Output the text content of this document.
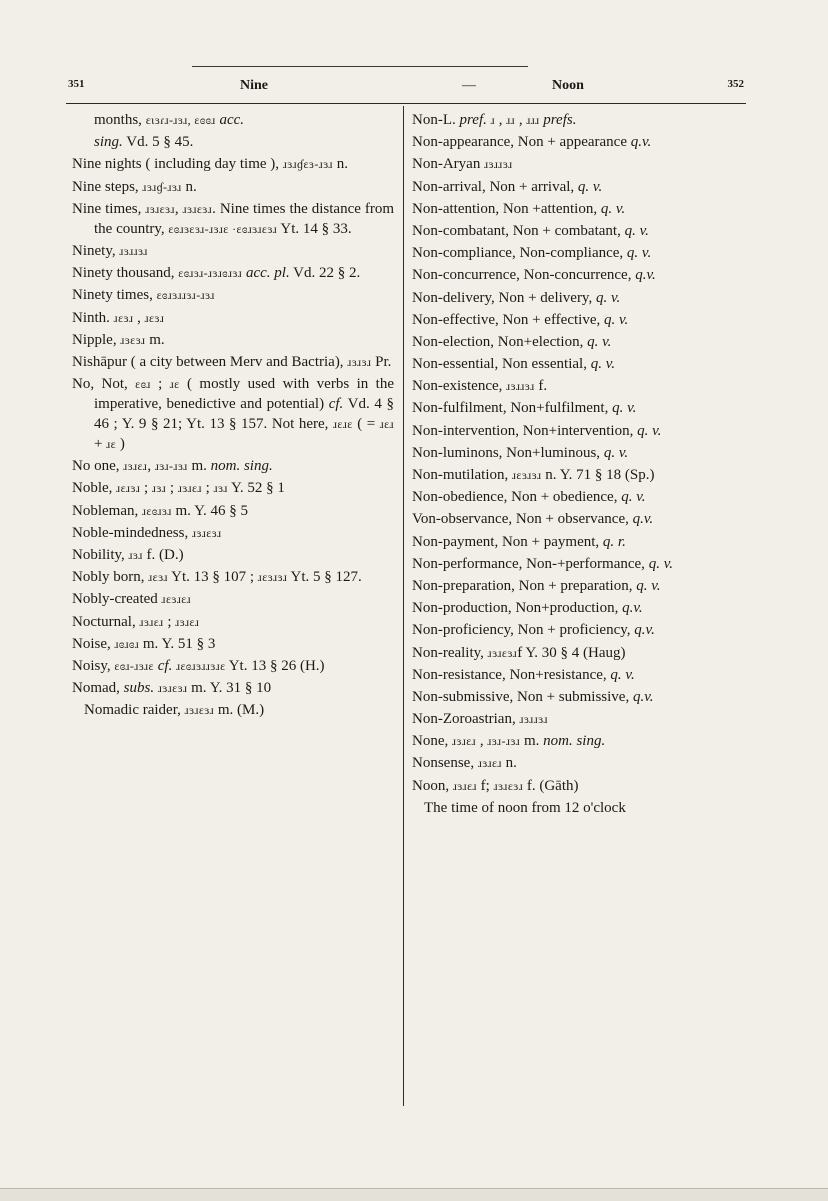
351	Nine	—	Noon	352

months, ɛɩɜɾɹ-ɹɜɹ, ɛɞɞɹ acc.

sing. Vd. 5 § 45.

Nine nights ( including day time ), ɹɜɹɠɛɜ-ɹɜɹ n.

Nine steps, ɹɜɹɠ-ɹɜɹ n.

Nine times, ɹɜɹɛɜɹ, ɹɜɹɛɜɹ. Nine times the distance from the country, ɛɞɹɜɛɜɹ-ɹɜɹɛ ·ɛɞɹɜɹɛɜɹ Yt. 14 § 33.

Ninety, ɹɜɹɹɜɹ

Ninety thousand, ɛɞɹɜɹ-ɹɜɹɞɹɜɹ acc. pl. Vd. 22 § 2.

Ninety times, ɛɞɹɜɹɹɜɹ-ɹɜɹ

Ninth. ɹɛɜɹ , ɹɛɜɹ

Nipple, ɹɜɛɜɹ m.

Nishāpur ( a city between Merv and Bactria), ɹɜɹɜɹ Pr.

No, Not, ɛɞɹ ; ɹɛ ( mostly used with verbs in the imperative, benedictive and potential) cf. Vd. 4 § 46 ; Y. 9 § 21; Yt. 13 § 157. Not here, ɹɛɹɛ ( = ɹɛɹ + ɹɛ )

No one, ɹɜɹɛɹ, ɹɜɹ-ɹɜɹ m. nom. sing.

Noble, ɹɛɹɜɹ ; ɹɜɹ ; ɹɜɹɛɹ ; ɹɜɹ Y. 52 § 1

Nobleman, ɹɛɞɹɜɹ m. Y. 46 § 5

Noble-mindedness, ɹɜɹɛɜɹ

Nobility, ɹɜɹ f. (D.)

Nobly born, ɹɛɜɹ Yt. 13 § 107 ; ɹɛɜɹɜɹ Yt. 5 § 127.

Nobly-created ɹɛɜɹɛɹ

Nocturnal, ɹɜɹɛɹ ; ɹɜɹɛɹ

Noise, ɹɞɹɞɹ m. Y. 51 § 3

Noisy, ɛɞɹ-ɹɜɹɛ cf. ɹɛɞɹɜɹɹɜɹɛ Yt. 13 § 26 (H.)

Nomad, subs. ɹɜɹɛɜɹ m. Y. 31 § 10

Nomadic raider, ɹɜɹɛɜɹ m. (M.)

Non-L. pref. ɹ , ɹɹ , ɹɹɹ prefs.

Non-appearance, Non + appearance q.v.

Non-Aryan ɹɜɹɹɜɹ

Non-arrival, Non + arrival, q. v.

Non-attention, Non +attention, q. v.

Non-combatant, Non + combatant, q. v.

Non-compliance, Non-compliance, q. v.

Non-concurrence, Non-concurrence, q.v.

Non-delivery, Non + delivery, q. v.

Non-effective, Non + effective, q. v.

Non-election, Non+election, q. v.

Non-essential, Non essential, q. v.

Non-existence, ɹɜɹɹɜɹ f.

Non-fulfilment, Non+fulfilment, q. v.

Non-intervention, Non+intervention, q. v.

Non-luminons, Non+luminous, q. v.

Non-mutilation, ɹɛɜɹɜɹ n. Y. 71 § 18 (Sp.)

Non-obedience, Non + obedience, q. v.

Von-observance, Non + observance, q.v.

Non-payment, Non + payment, q. r.

Non-performance, Non-+performance, q. v.

Non-preparation, Non + preparation, q. v.

Non-production, Non+production, q.v.

Non-proficiency, Non + proficiency, q.v.

Non-reality, ɹɜɹɛɜɹf Y. 30 § 4 (Haug)

Non-resistance, Non+resistance, q. v.

Non-submissive, Non + submissive, q.v.

Non-Zoroastrian, ɹɜɹɹɜɹ

None, ɹɜɹɛɹ , ɹɜɹ-ɹɜɹ m. nom. sing.

Nonsense, ɹɜɹɛɹ n.

Noon, ɹɜɹɛɹ f; ɹɜɹɛɜɹ f. (Gāth)

The time of noon from 12 o'clock
